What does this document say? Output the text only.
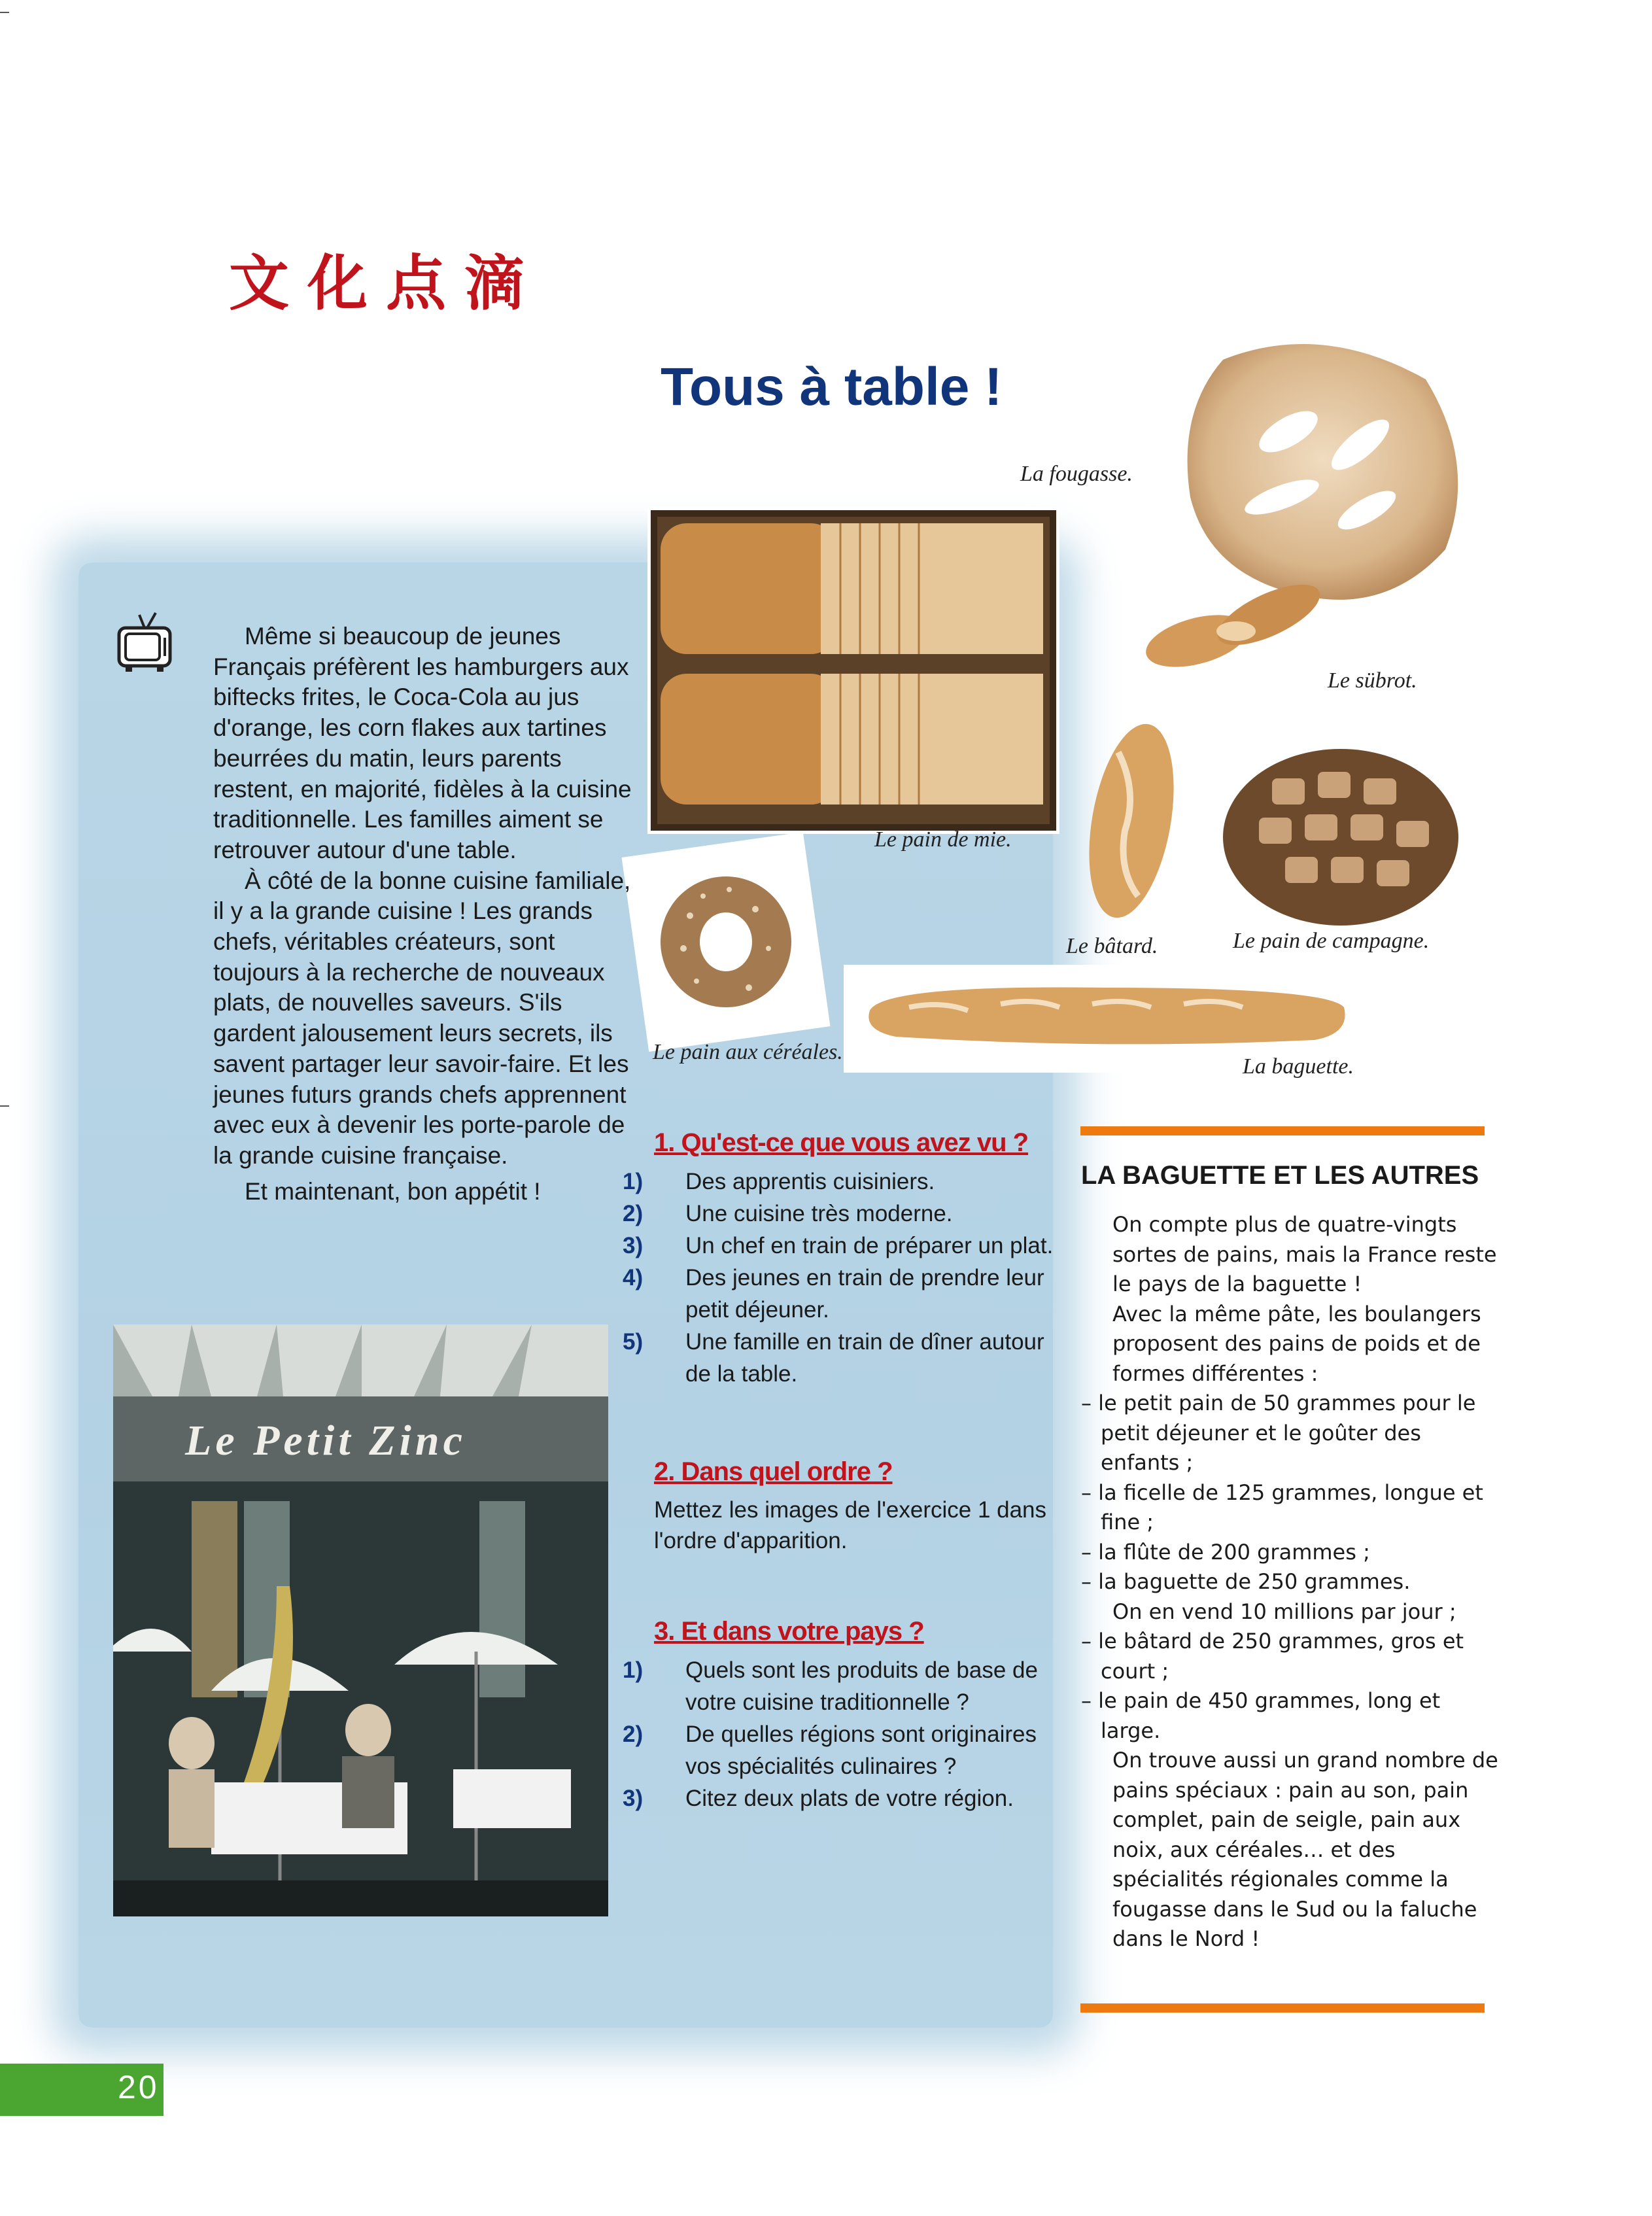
文化点滴
Tous à table !
La fougasse.
Le pain de mie.
Le sübrot.
Le bâtard.	Le pain de campagne.
Le pain aux céréales.
La baguette.

Même si beaucoup de jeunes Français préfèrent les hamburgers aux biftecks frites, le Coca-Cola au jus d'orange, les corn flakes aux tartines beurrées du matin, leurs parents restent, en majorité, fidèles à la cuisine traditionnelle. Les familles aiment se retrouver autour d'une table.

À côté de la bonne cuisine familiale, il y a la grande cuisine ! Les grands chefs, véritables créateurs, sont toujours à la recherche de nouveaux plats, de nouvelles saveurs. S'ils gardent jalousement leurs secrets, ils savent partager leur savoir-faire. Et les jeunes futurs grands chefs apprennent avec eux à devenir les porte-parole de la grande cuisine française.

Et maintenant, bon appétit !

Le Petit Zinc
1. Qu'est-ce que vous avez vu ?
1) Des apprentis cuisiniers.
2) Une cuisine très moderne.
3) Un chef en train de préparer un plat.
4) Des jeunes en train de prendre leur petit déjeuner.
5) Une famille en train de dîner autour de la table.
2. Dans quel ordre ?
Mettez les images de l'exercice 1 dans l'ordre d'apparition.
3. Et dans votre pays ?
1) Quels sont les produits de base de votre cuisine traditionnelle ?
2) De quelles régions sont originaires vos spécialités culinaires ?
3) Citez deux plats de votre région.
LA BAGUETTE ET LES AUTRES

On compte plus de quatre-vingts sortes de pains, mais la France reste le pays de la baguette !

Avec la même pâte, les boulangers proposent des pains de poids et de formes différentes :

– le petit pain de 50 grammes pour le petit déjeuner et le goûter des enfants ;

– la ficelle de 125 grammes, longue et fine ;

– la flûte de 200 grammes ;

– la baguette de 250 grammes.

On en vend 10 millions par jour ;

– le bâtard de 250 grammes, gros et court ;

– le pain de 450 grammes, long et large.

On trouve aussi un grand nombre de pains spéciaux : pain au son, pain complet, pain de seigle, pain aux noix, aux céréales… et des spécialités régionales comme la fougasse dans le Sud ou la faluche dans le Nord !

20
